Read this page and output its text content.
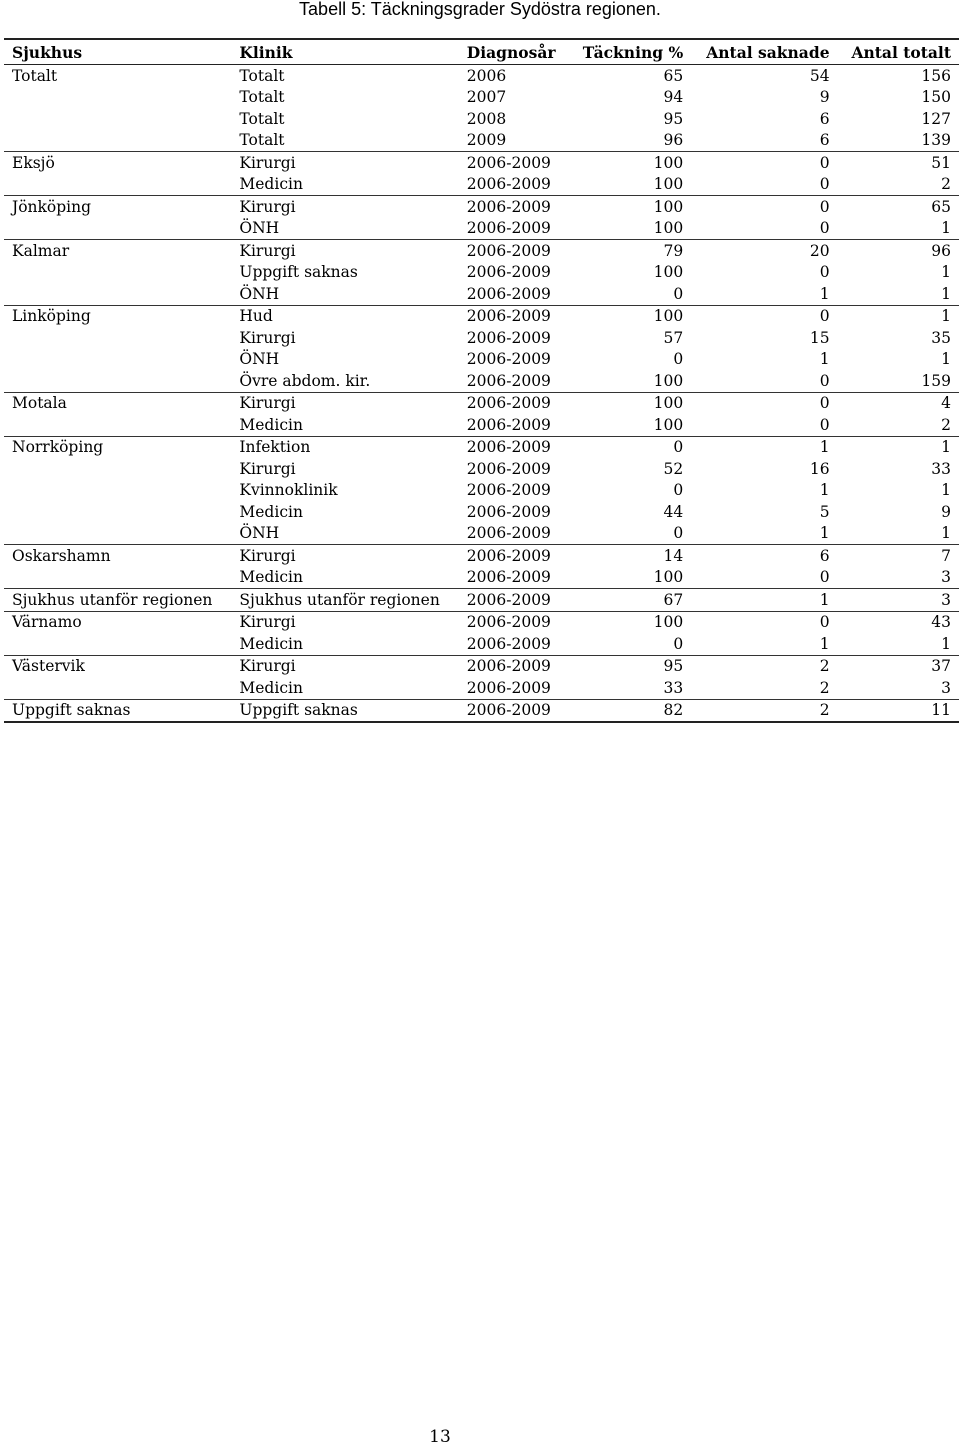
Tabell 5: Täckningsgrader Sydöstra regionen.
Sjukhus	Klinik	Diagnosår	Täckning %	Antal saknade	Antal totalt
Totalt	Totalt	2006	65	54	156
	Totalt	2007	94	9	150
	Totalt	2008	95	6	127
	Totalt	2009	96	6	139
Eksjö	Kirurgi	2006-2009	100	0	51
	Medicin	2006-2009	100	0	2
Jönköping	Kirurgi	2006-2009	100	0	65
	ÖNH	2006-2009	100	0	1
Kalmar	Kirurgi	2006-2009	79	20	96
	Uppgift saknas	2006-2009	100	0	1
	ÖNH	2006-2009	0	1	1
Linköping	Hud	2006-2009	100	0	1
	Kirurgi	2006-2009	57	15	35
	ÖNH	2006-2009	0	1	1
	Övre abdom. kir.	2006-2009	100	0	159
Motala	Kirurgi	2006-2009	100	0	4
	Medicin	2006-2009	100	0	2
Norrköping	Infektion	2006-2009	0	1	1
	Kirurgi	2006-2009	52	16	33
	Kvinnoklinik	2006-2009	0	1	1
	Medicin	2006-2009	44	5	9
	ÖNH	2006-2009	0	1	1
Oskarshamn	Kirurgi	2006-2009	14	6	7
	Medicin	2006-2009	100	0	3
Sjukhus utanför regionen	Sjukhus utanför regionen	2006-2009	67	1	3
Värnamo	Kirurgi	2006-2009	100	0	43
	Medicin	2006-2009	0	1	1
Västervik	Kirurgi	2006-2009	95	2	37
	Medicin	2006-2009	33	2	3
Uppgift saknas	Uppgift saknas	2006-2009	82	2	11
13
